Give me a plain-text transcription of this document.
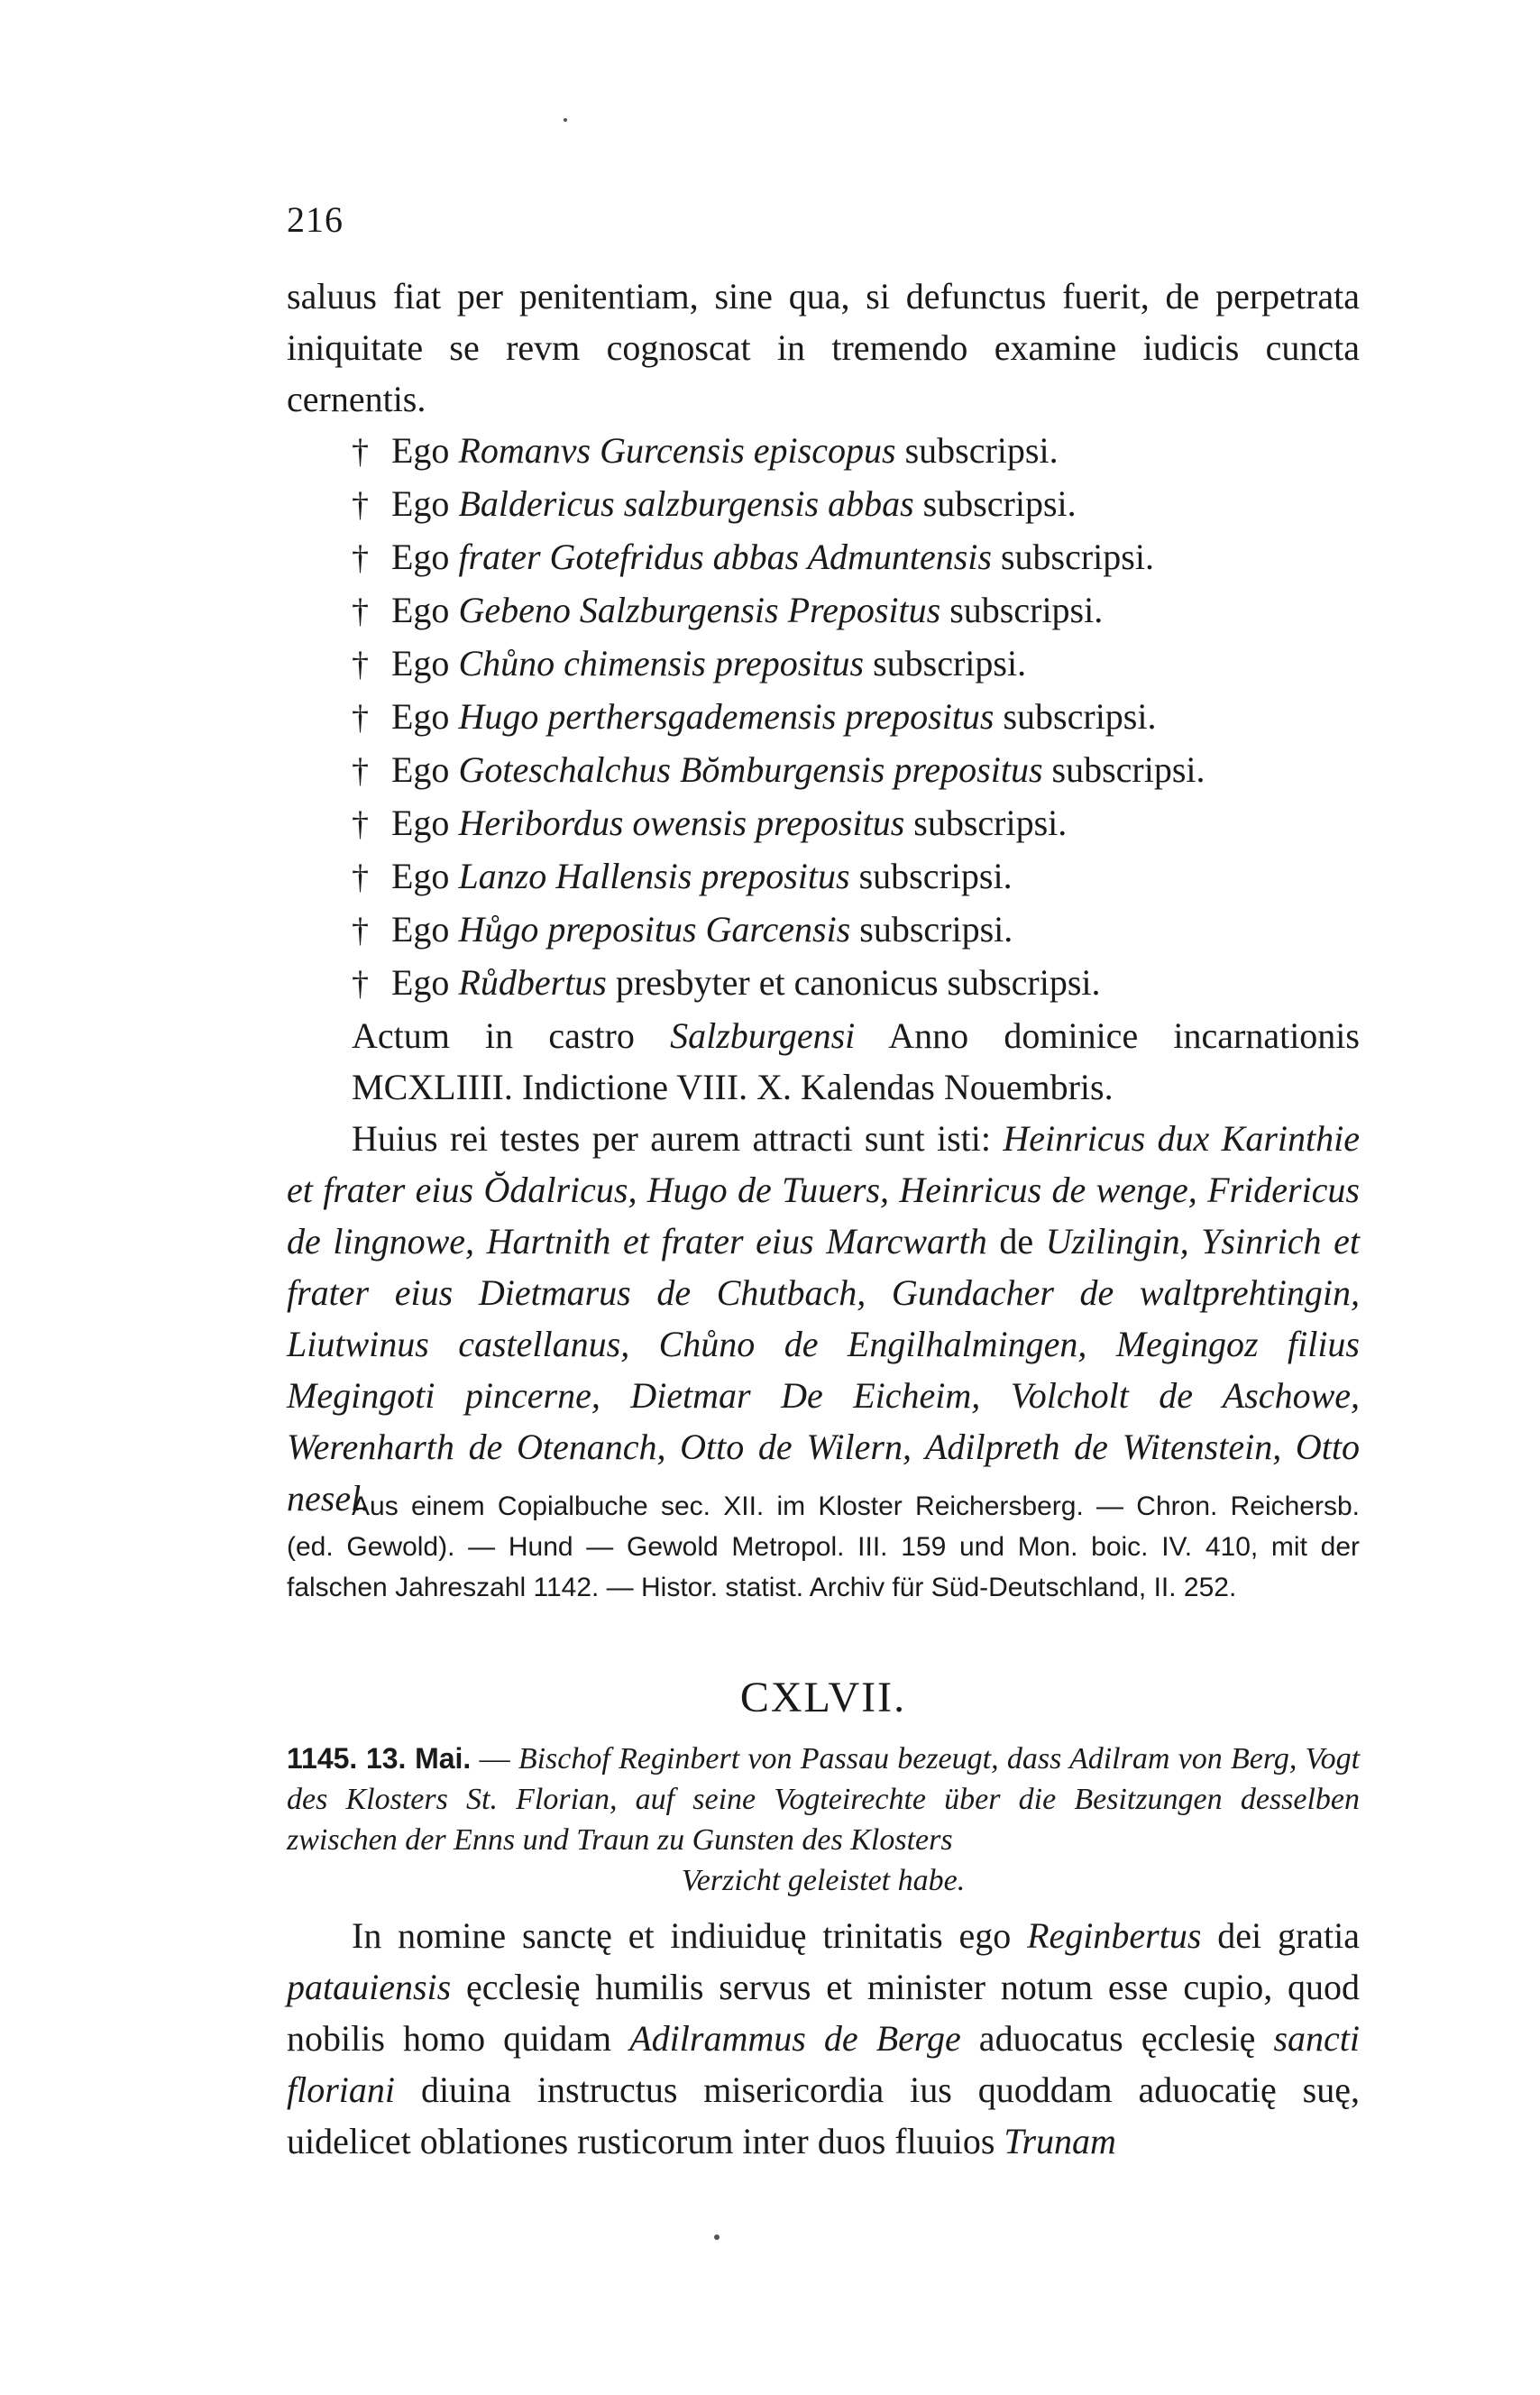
216

saluus fiat per penitentiam, sine qua, si defunctus fuerit, de perpetrata iniquitate se revm cognoscat in tremendo examine iudicis cuncta cernentis.

† Ego Romanvs Gurcensis episcopus subscripsi.
† Ego Baldericus salzburgensis abbas subscripsi.
† Ego frater Gotefridus abbas Admuntensis subscripsi.
† Ego Gebeno Salzburgensis Prepositus subscripsi.
† Ego Chůno chimensis prepositus subscripsi.
† Ego Hugo perthersgademensis prepositus subscripsi.
† Ego Goteschalchus Bŏmburgensis prepositus subscripsi.
† Ego Heribordus owensis prepositus subscripsi.
† Ego Lanzo Hallensis prepositus subscripsi.
† Ego Hůgo prepositus Garcensis subscripsi.
† Ego Růdbertus presbyter et canonicus subscripsi.

Actum in castro Salzburgensi Anno dominice incarnationis MCXLIIII. Indictione VIII. X. Kalendas Nouembris.

Huius rei testes per aurem attracti sunt isti: Heinricus dux Karinthie et frater eius Ŏdalricus, Hugo de Tuuers, Heinricus de wenge, Fridericus de lingnowe, Hartnith et frater eius Marcwarth de Uzilingin, Ysinrich et frater eius Dietmarus de Chutbach, Gundacher de waltprehtingin, Liutwinus castellanus, Chůno de Engilhalmingen, Megingoz filius Megingoti pincerne, Dietmar De Eicheim, Volcholt de Aschowe, Werenharth de Otenanch, Otto de Wilern, Adilpreth de Witenstein, Otto nesel.

Aus einem Copialbuche sec. XII. im Kloster Reichersberg. — Chron. Reichersb. (ed. Gewold). — Hund — Gewold Metropol. III. 159 und Mon. boic. IV. 410, mit der falschen Jahreszahl 1142. — Histor. statist. Archiv für Süd-Deutschland, II. 252.
CXLVII.
1145. 13. Mai. — Bischof Reginbert von Passau bezeugt, dass Adilram von Berg, Vogt des Klosters St. Florian, auf seine Vogteirechte über die Besitzungen desselben zwischen der Enns und Traun zu Gunsten des Klosters
Verzicht geleistet habe.

In nomine sanctę et indiuiduę trinitatis ego Reginbertus dei gratia patauiensis ęcclesię humilis servus et minister notum esse cupio, quod nobilis homo quidam Adilrammus de Berge aduocatus ęcclesię sancti floriani diuina instructus misericordia ius quoddam aduocatię suę, uidelicet oblationes rusticorum inter duos fluuios Trunam
